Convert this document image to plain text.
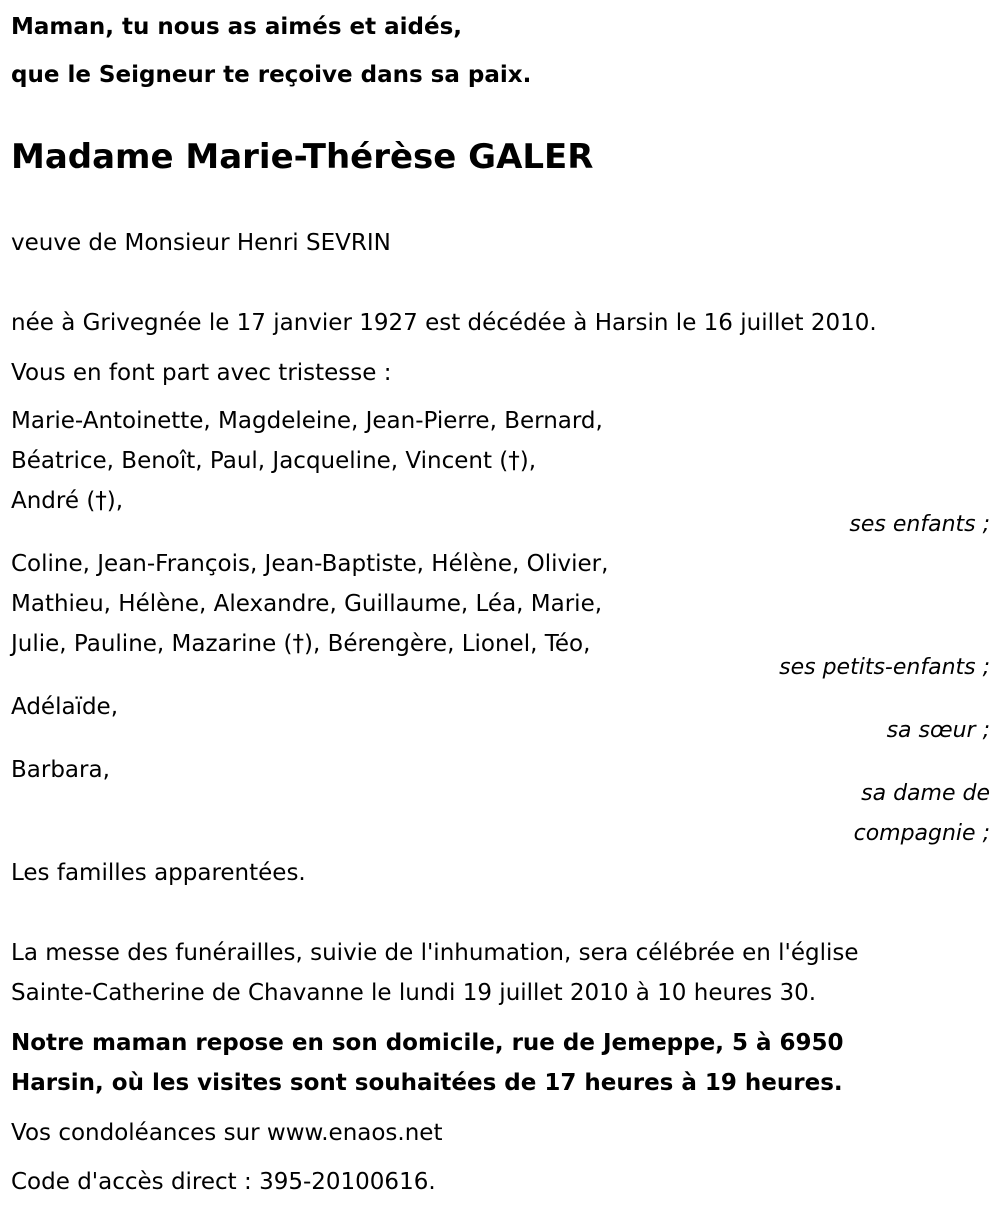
Maman, tu nous as aimés et aidés,
que le Seigneur te reçoive dans sa paix.
Madame Marie-Thérèse GALER
veuve de Monsieur Henri SEVRIN
née à Grivegnée le 17 janvier 1927 est décédée à Harsin le 16 juillet 2010.
Vous en font part avec tristesse :
Marie-Antoinette, Magdeleine, Jean-Pierre, Bernard,
Béatrice, Benoît, Paul, Jacqueline, Vincent (†),
André (†),
ses enfants ;
Coline, Jean-François, Jean-Baptiste, Hélène, Olivier,
Mathieu, Hélène, Alexandre, Guillaume, Léa, Marie,
Julie, Pauline, Mazarine (†), Bérengère, Lionel, Téo,
ses petits-enfants ;
Adélaïde,
sa sœur ;
Barbara,
sa dame de
compagnie ;
Les familles apparentées.
La messe des funérailles, suivie de l'inhumation, sera célébrée en l'église
Sainte-Catherine de Chavanne le lundi 19 juillet 2010 à 10 heures 30.
Notre maman repose en son domicile, rue de Jemeppe, 5 à 6950
Harsin, où les visites sont souhaitées de 17 heures à 19 heures.
Vos condoléances sur www.enaos.net
Code d'accès direct : 395-20100616.
